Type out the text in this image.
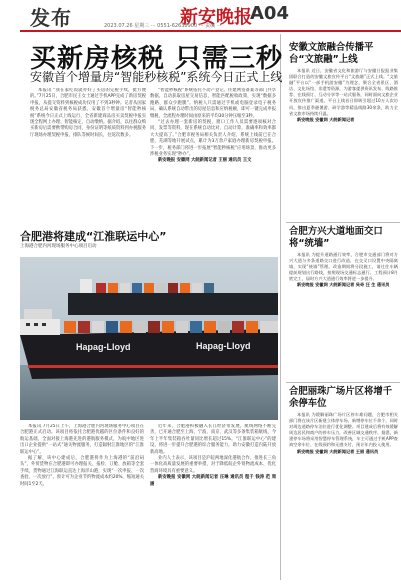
发布	新安晚报
A04
2023.07.26 星期三 ··· 0551-62638900 ··· 责编 ···
买新房核税 只需三秒
安徽首个增量房“智能秒核税”系统今日正式上线

本报讯 “我在家吃饭就办好了买房的完税手续，挺方便的。”7月25日，合肥市民王女士通过手机APP完成了新房契税申报，从提交资料到核税成功仅用了不到3秒钟。记者从国家税务总局安徽省税务局获悉，安徽首个增量房“智能秒核税”系统今日正式上线运行，全省新建商品房买卖契税申报实现全程网上办理、智能核定、自动缴纳。据介绍，以往群众购买新房后需要携带购房合同、身份证明等纸质资料到办税服务厅现场办理契税申报，排队等候时间长，往返次数多。

“智能秒核税”系统依托不动产登记、住建网签备案等部门共享数据，自动获取房屋交易信息，智能匹配税收政策，实现“数据多跑路、群众少跑腿”。纳税人只需通过手机或电脑登录电子税务局，确认系统自动带出的房屋信息和应纳税额，即可一键完成申报缴税，全流程办理时间由原来的平均30分钟压缩至3秒。

“过去办理一套新房的契税，窗口工作人员需要逐项核对合同、发票等资料，现在系统自动比对、自动计算，准确率和效率都大大提高了。”合肥市税务局相关负责人介绍，系统上线前已在合肥、芜湖等地开展试点，累计为3万余户家庭办理新房契税申报。下一步，税务部门将进一步拓展“智能秒核税”应用场景，推动更多涉税业务实现“秒办”。

新安晚报 安徽网 大皖新闻记者 王丽 通讯员 王文

上海港合肥内河现场服务中心项目启动
Hapag-Lloyd	Hapag-Lloyd

本报讯 7月25日上午，上海港合肥内河现场服务中心项目在合肥港正式启动。该项目将依托合肥港优越的区位条件和良好的航运基础，全面对接上海港先进的港航服务模式，为皖中地区进出口企业提供“一站式”通关物流服务，打造辐射江淮地区的“江淮联运中心”。

据了解，该中心建成后，合肥港将作为上海港的“前沿码头”，外贸货物在合肥港即可办理报关、报检、订舱、放箱等全套手续，货物通过江海联运直达上海洋山港，实现“一次申报、一次查验、一次放行”，预计可为企业节约物流成本约20%，缩短通关时间1至2天。

近年来，合肥港积极融入长江经济带发展，航线网络不断完善，已开通合肥至上海、宁波、南京、武汉等多条集装箱航线，今年上半年集装箱吞吐量同比增长超过15%。“江淮联运中心”的建设，将进一步提升合肥港的综合服务能力，助力安徽打造内陆开放新高地。

业内人士表示，该项目是沪皖两地深化港航合作、推进长三角一体化高质量发展的重要举措，对于降低皖企外贸物流成本、优化营商环境具有重要意义。

新安晚报 安徽网 大皖新闻记者 汪琳 通讯员 程千 钱涛 范 周涵

安徽文旅融合传播平台“文旅融”上线

本报讯 近日，安徽省文化和旅游厅与安徽日报报业集团联合打造的安徽文旅宣传平台“文旅融”正式上线。“文旅融”平台以“一部手机游安徽”为理念，聚合全省景区、酒店、文化场馆、非遗等资源，为游客提供资讯发布、线路推荐、在线预订、互动分享等一站式服务，同时面向文旅企业开放宣传推广渠道。平台上线首日即吸引超过10万人次访问，推出夏季避暑游、研学游等精品线路30余条，助力全省文旅市场持续升温。

新安晚报 安徽网 大皖新闻记者

合肥方兴大道地面交口将“统墙”

本报讯 为提升道路通行效率，合肥市交通部门将对方兴大道与多条道路交口进行改造，在交叉口设置中央隔离墙，实现“统墙”管理。改造期间将分段施工，请过往车辆提前规划出行路线，按照现场交通标志通行。工程预计8月底完工，届时方兴大道通行效率将进一步提升。

新安晚报 安徽网 大皖新闻记者 吴奇 汪 生 通讯员

合肥丽珠广场片区将增千余停车位

本报讯 为缓解丽珠广场片区停车难问题，合肥市相关部门将在该片区新建立体停车场，新增停车位千余个，同时对周边道路停车泊位进行优化调整。项目建成后将有效缓解周边居民和商户的停车压力，改善区域交通秩序。据悉，新建停车场将采用智慧停车管理系统，车主可通过手机APP查询空余车位、在线预约和无感支付，预计年内投入使用。

新安晚报 安徽网 大皖新闻记者 王丽 通讯员

合肥港将建成“江淮联运中心”
